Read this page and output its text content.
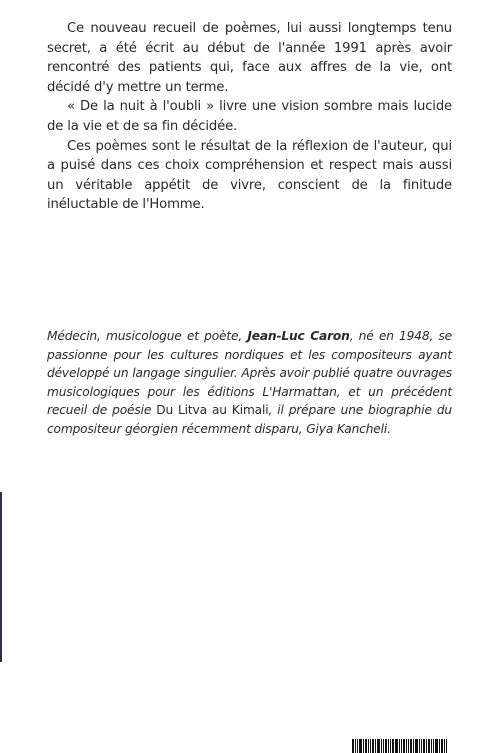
Ce nouveau recueil de poèmes, lui aussi longtemps tenu secret, a été écrit au début de l'année 1991 après avoir rencontré des patients qui, face aux affres de la vie, ont décidé d'y mettre un terme.

« De la nuit à l'oubli » livre une vision sombre mais lucide de la vie et de sa fin décidée.

Ces poèmes sont le résultat de la réflexion de l'auteur, qui a puisé dans ces choix compréhension et respect mais aussi un véritable appétit de vivre, conscient de la finitude inéluctable de l'Homme.

Médecin, musicologue et poète, Jean-Luc Caron, né en 1948, se passionne pour les cultures nordiques et les compositeurs ayant développé un langage singulier. Après avoir publié quatre ouvrages musicologiques pour les éditions L'Harmattan, et un précédent recueil de poésie Du Litva au Kimali, il prépare une biographie du compositeur géorgien récemment disparu, Giya Kancheli.
